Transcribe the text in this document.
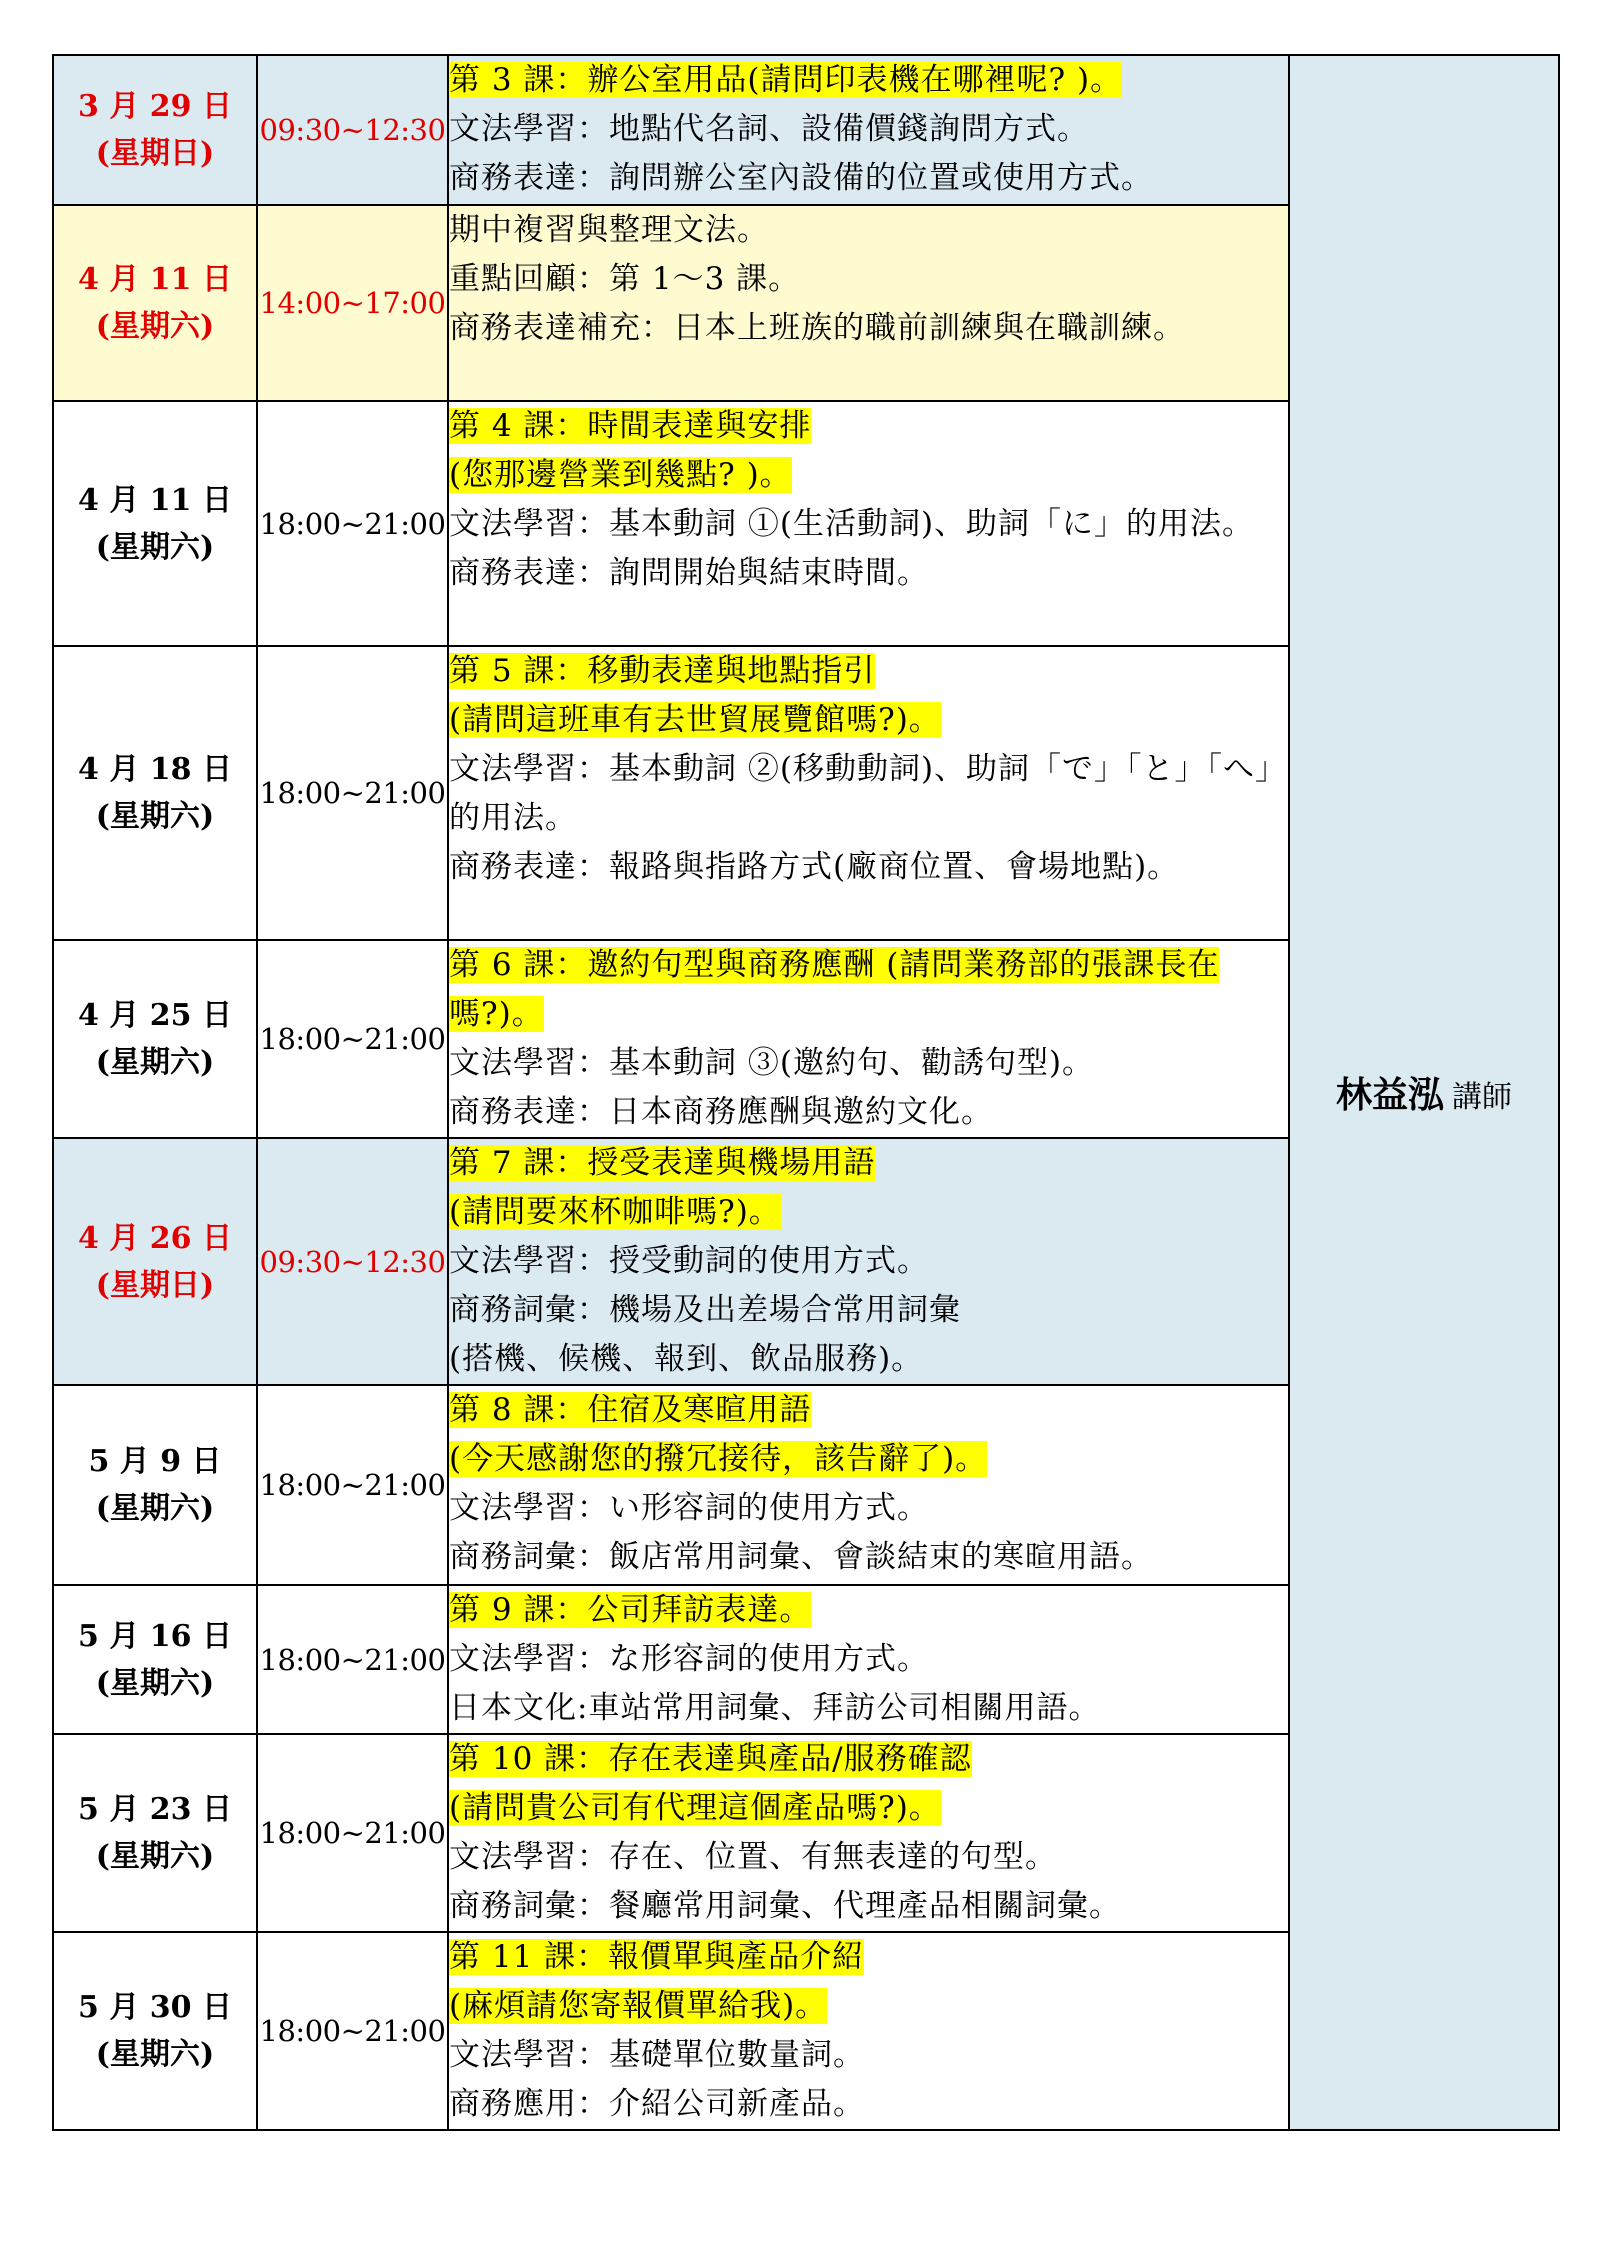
3 月 29 日
(星期日)	09:30~12:30	第 3 課：辦公室用品(請問印表機在哪裡呢? )。
文法學習：地點代名詞、設備價錢詢問方式。
商務表達：詢問辦公室內設備的位置或使用方式。	林益泓 講師

4 月 11 日
(星期六)	14:00~17:00	期中複習與整理文法。
重點回顧：第 1～3 課。
商務表達補充：日本上班族的職前訓練與在職訓練。	

4 月 11 日
(星期六)	18:00~21:00	第 4 課：時間表達與安排
(您那邊營業到幾點? )。
文法學習：基本動詞 ①(生活動詞)、助詞「に」的用法。
商務表達：詢問開始與結束時間。	

4 月 18 日
(星期六)	18:00~21:00	第 5 課：移動表達與地點指引
(請問這班車有去世貿展覽館嗎?)。
文法學習：基本動詞 ②(移動動詞)、助詞「で」「と」「へ」的用法。
商務表達：報路與指路方式(廠商位置、會場地點)。	

4 月 25 日
(星期六)	18:00~21:00	第 6 課：邀約句型與商務應酬 (請問業務部的張課長在嗎?)。
文法學習：基本動詞 ③(邀約句、勸誘句型)。
商務表達：日本商務應酬與邀約文化。	

4 月 26 日
(星期日)	09:30~12:30	第 7 課：授受表達與機場用語
(請問要來杯咖啡嗎?)。
文法學習：授受動詞的使用方式。
商務詞彙：機場及出差場合常用詞彙
(搭機、候機、報到、飲品服務)。	

5 月 9 日
(星期六)	18:00~21:00	第 8 課：住宿及寒暄用語
(今天感謝您的撥冗接待，該告辭了)。
文法學習：い形容詞的使用方式。
商務詞彙：飯店常用詞彙、會談結束的寒暄用語。	

5 月 16 日
(星期六)	18:00~21:00	第 9 課：公司拜訪表達。
文法學習：な形容詞的使用方式。
日本文化:車站常用詞彙、拜訪公司相關用語。	

5 月 23 日
(星期六)	18:00~21:00	第 10 課：存在表達與產品/服務確認
(請問貴公司有代理這個產品嗎?)。
文法學習：存在、位置、有無表達的句型。
商務詞彙：餐廳常用詞彙、代理產品相關詞彙。	

5 月 30 日
(星期六)	18:00~21:00	第 11 課：報價單與產品介紹
(麻煩請您寄報價單給我)。
文法學習：基礎單位數量詞。
商務應用：介紹公司新產品。	
